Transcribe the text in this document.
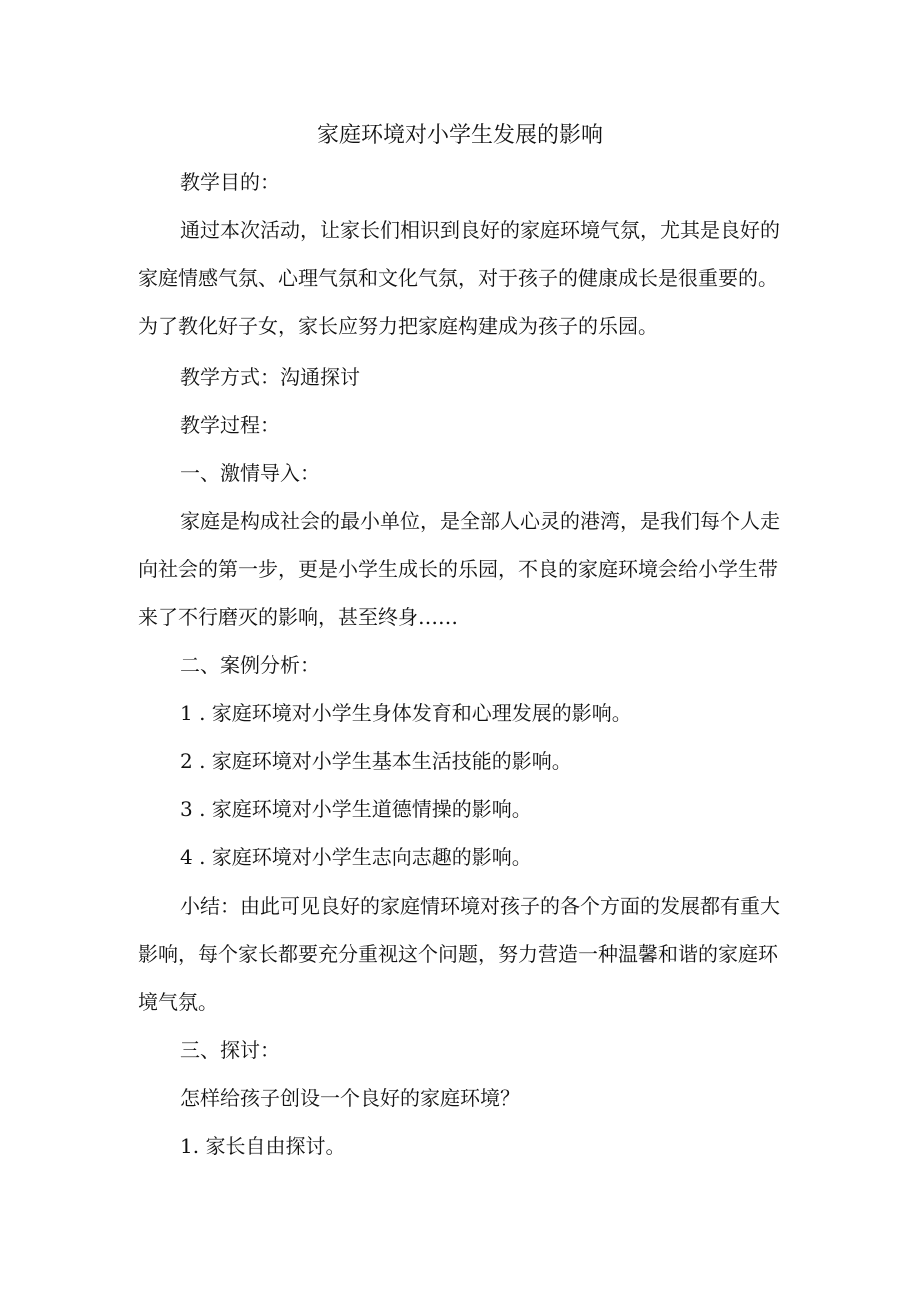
家庭环境对小学生发展的影响
教学目的：
通过本次活动，让家长们相识到良好的家庭环境气氛，尤其是良好的
家庭情感气氛、心理气氛和文化气氛，对于孩子的健康成长是很重要的。
为了教化好子女，家长应努力把家庭构建成为孩子的乐园。
教学方式：沟通探讨
教学过程：
一、激情导入：
家庭是构成社会的最小单位，是全部人心灵的港湾，是我们每个人走
向社会的第一步，更是小学生成长的乐园，不良的家庭环境会给小学生带
来了不行磨灭的影响，甚至终身……
二、案例分析：
1 . 家庭环境对小学生身体发育和心理发展的影响。
2 . 家庭环境对小学生基本生活技能的影响。
3 . 家庭环境对小学生道德情操的影响。
4 . 家庭环境对小学生志向志趣的影响。
小结：由此可见良好的家庭情环境对孩子的各个方面的发展都有重大
影响，每个家长都要充分重视这个问题，努力营造一种温馨和谐的家庭环
境气氛。
三、探讨：
怎样给孩子创设一个良好的家庭环境？
1. 家长自由探讨。
